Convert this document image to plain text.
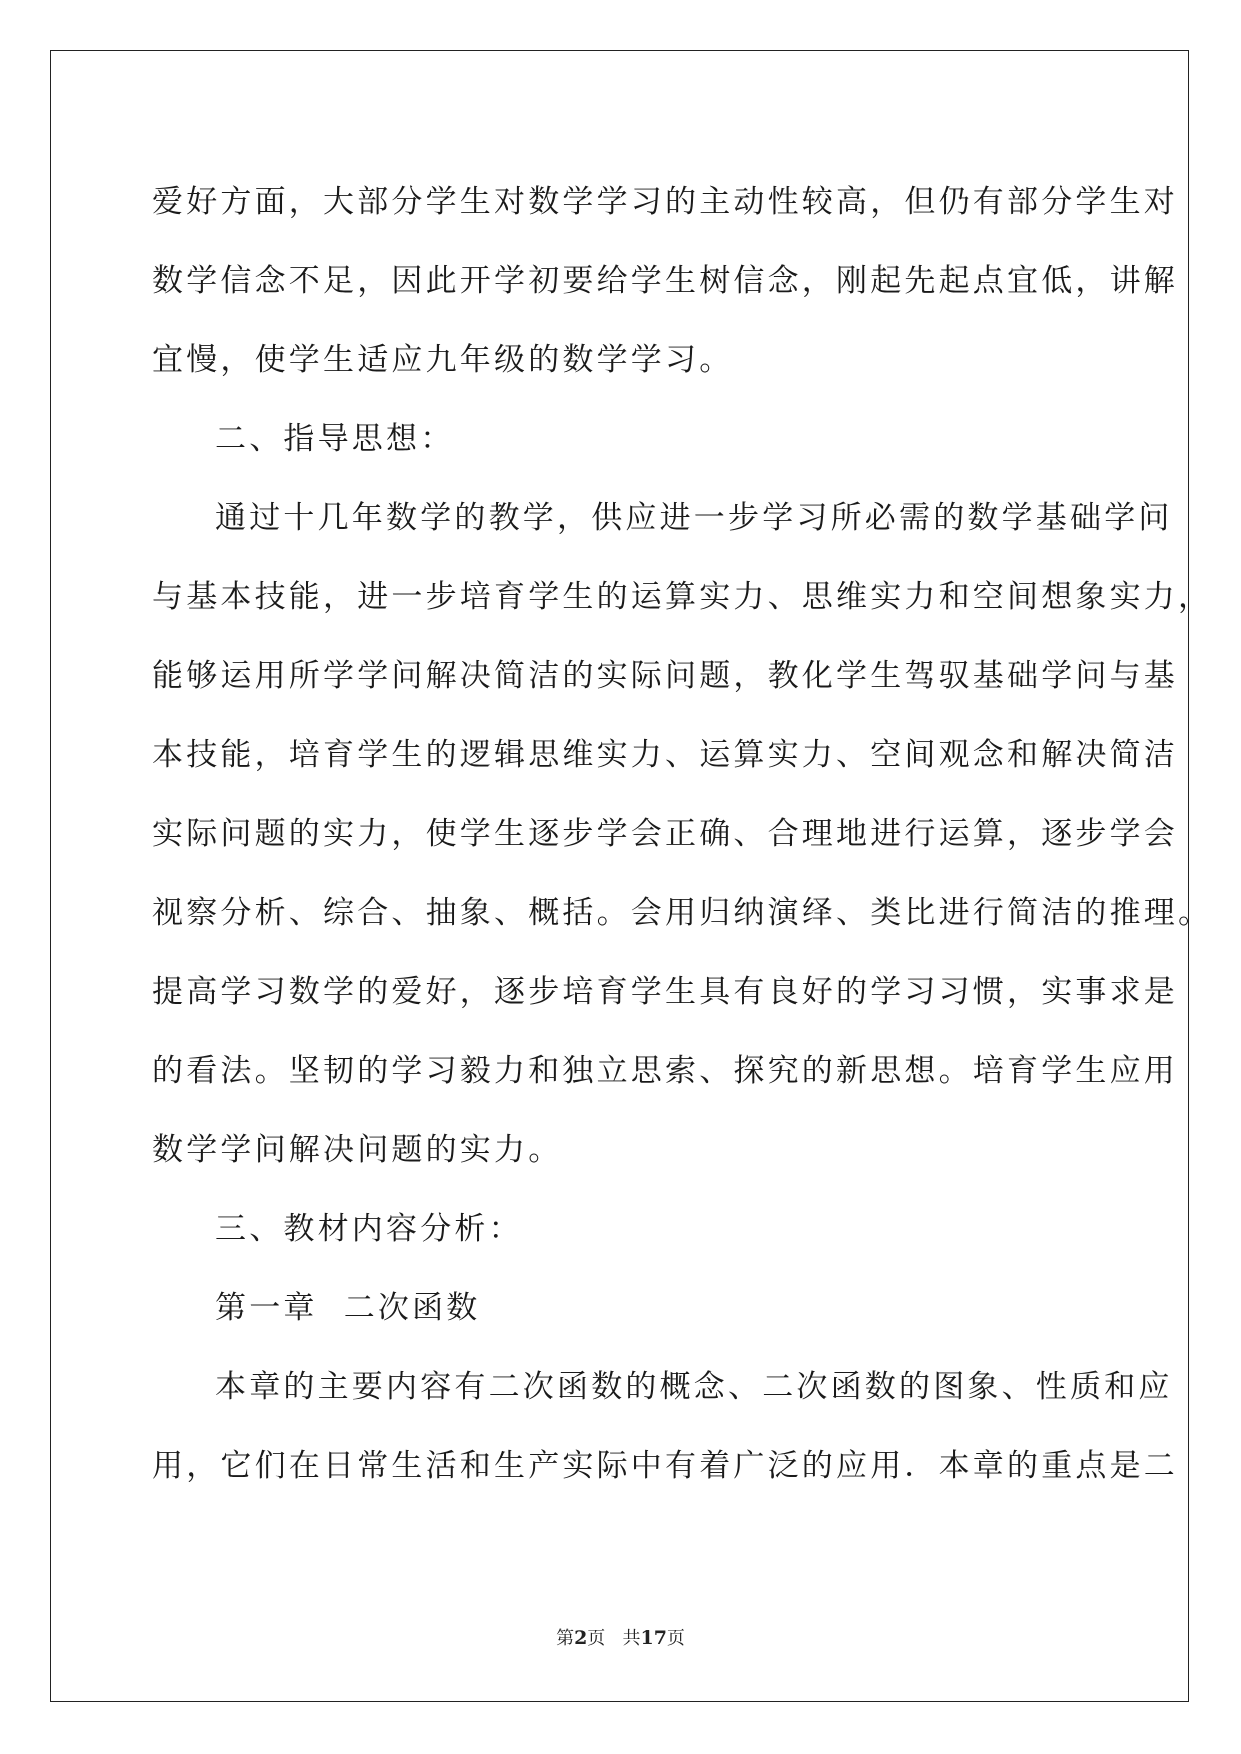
爱好方面，大部分学生对数学学习的主动性较高，但仍有部分学生对
数学信念不足，因此开学初要给学生树信念，刚起先起点宜低，讲解
宜慢，使学生适应九年级的数学学习。
二、指导思想：
通过十几年数学的教学，供应进一步学习所必需的数学基础学问
与基本技能，进一步培育学生的运算实力、思维实力和空间想象实力，
能够运用所学学问解决简洁的实际问题，教化学生驾驭基础学问与基
本技能，培育学生的逻辑思维实力、运算实力、空间观念和解决简洁
实际问题的实力，使学生逐步学会正确、合理地进行运算，逐步学会
视察分析、综合、抽象、概括。会用归纳演绎、类比进行简洁的推理。
提高学习数学的爱好，逐步培育学生具有良好的学习习惯，实事求是
的看法。坚韧的学习毅力和独立思索、探究的新思想。培育学生应用
数学学问解决问题的实力。
三、教材内容分析：
第一章  二次函数
本章的主要内容有二次函数的概念、二次函数的图象、性质和应
用，它们在日常生活和生产实际中有着广泛的应用．本章的重点是二
第2页 共17页
